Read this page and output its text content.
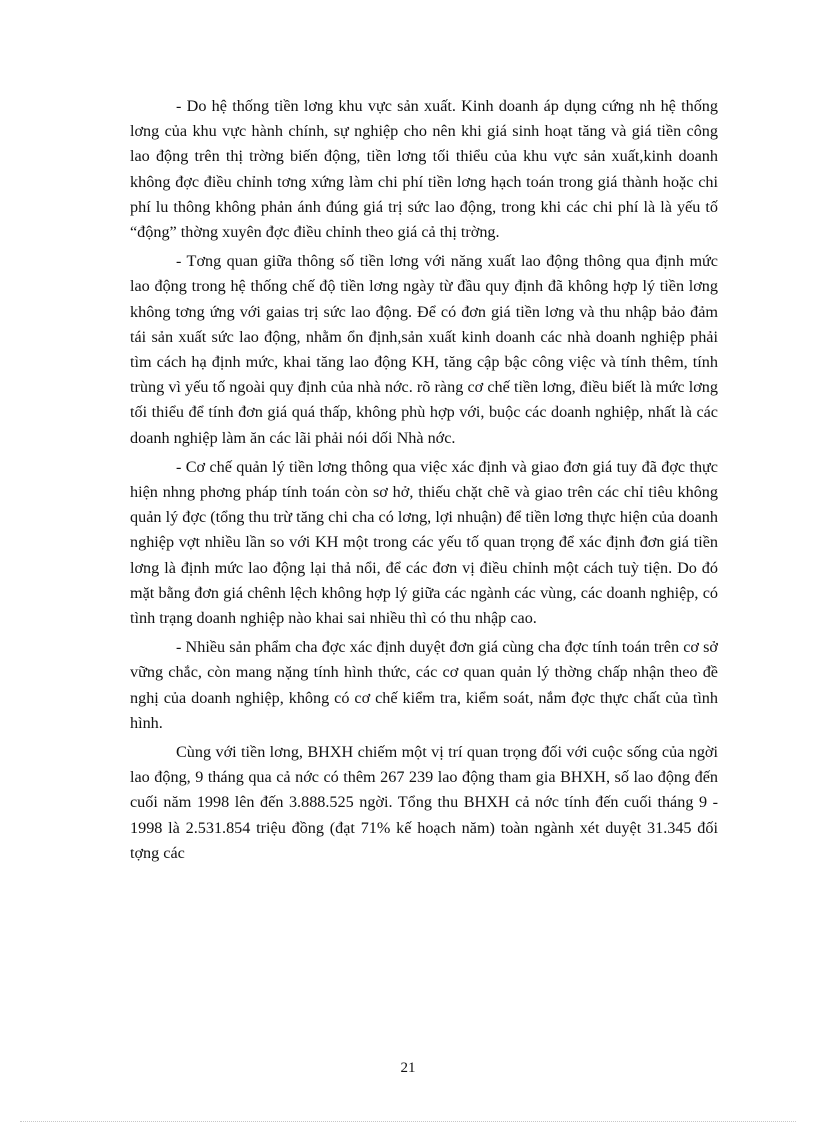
- Do hệ thống tiền lơng khu vực sản xuất. Kinh doanh áp dụng cứng nh hệ thống lơng của khu vực hành chính, sự nghiệp cho nên khi giá sinh hoạt tăng và giá tiền công lao động trên thị trờng biến động, tiền lơng tối thiểu của khu vực sản xuất,kinh doanh không đợc điều chỉnh tơng xứng làm chi phí tiền lơng hạch toán trong giá thành hoặc chi phí lu thông không phản ánh đúng giá trị sức lao động, trong khi các chi phí là là yếu tố “động” thờng xuyên đợc điều chỉnh theo giá cả thị trờng.

- Tơng quan giữa thông số tiền lơng với năng xuất lao động thông qua định mức lao động trong hệ thống chế độ tiền lơng ngày từ đầu quy định đã không hợp lý tiền lơng không tơng ứng với gaias trị sức lao động. Để có đơn giá tiền lơng và thu nhập bảo đảm tái sản xuất sức lao động, nhằm ổn định,sản xuất kinh doanh các nhà doanh nghiệp phải tìm cách hạ định mức, khai tăng lao động KH, tăng cập bậc công việc và tính thêm, tính trùng vì yếu tố ngoài quy định của nhà nớc. rõ ràng cơ chế tiền lơng, điều biết là mức lơng tối thiểu để tính đơn giá quá thấp, không phù hợp với, buộc các doanh nghiệp, nhất là các doanh nghiệp làm ăn các lãi phải nói dối Nhà nớc.

- Cơ chế quản lý tiền lơng thông qua việc xác định và giao đơn giá tuy đã đợc thực hiện nhng phơng pháp tính toán còn sơ hở, thiếu chặt chẽ và giao trên các chỉ tiêu không quản lý đợc (tổng thu trừ tăng chi cha có lơng, lợi nhuận) để tiền lơng thực hiện của doanh nghiệp vợt nhiều lần so với KH một trong các yếu tố quan trọng để xác định đơn giá tiền lơng là định mức lao động lại thả nổi, để các đơn vị điều chỉnh một cách tuỳ tiện. Do đó mặt bằng đơn giá chênh lệch không hợp lý giữa các ngành các vùng, các doanh nghiệp, có tình trạng doanh nghiệp nào khai sai nhiều thì có thu nhập cao.

- Nhiều sản phẩm cha đợc xác định duyệt đơn giá cùng cha đợc tính toán trên cơ sở vững chắc, còn mang nặng tính hình thức, các cơ quan quản lý thờng chấp nhận theo đề nghị của doanh nghiệp, không có cơ chế kiểm tra, kiểm soát, nắm đợc thực chất của tình hình.

Cùng với tiền lơng, BHXH chiếm một vị trí quan trọng đối với cuộc sống của ngời lao động, 9 tháng qua cả nớc có thêm 267 239 lao động tham gia BHXH, số lao động đến cuối năm 1998 lên đến 3.888.525 ngời. Tổng thu BHXH cả nớc tính đến cuối tháng 9 - 1998 là 2.531.854 triệu đồng (đạt 71% kế hoạch năm) toàn ngành xét duyệt 31.345 đối tợng các

21
